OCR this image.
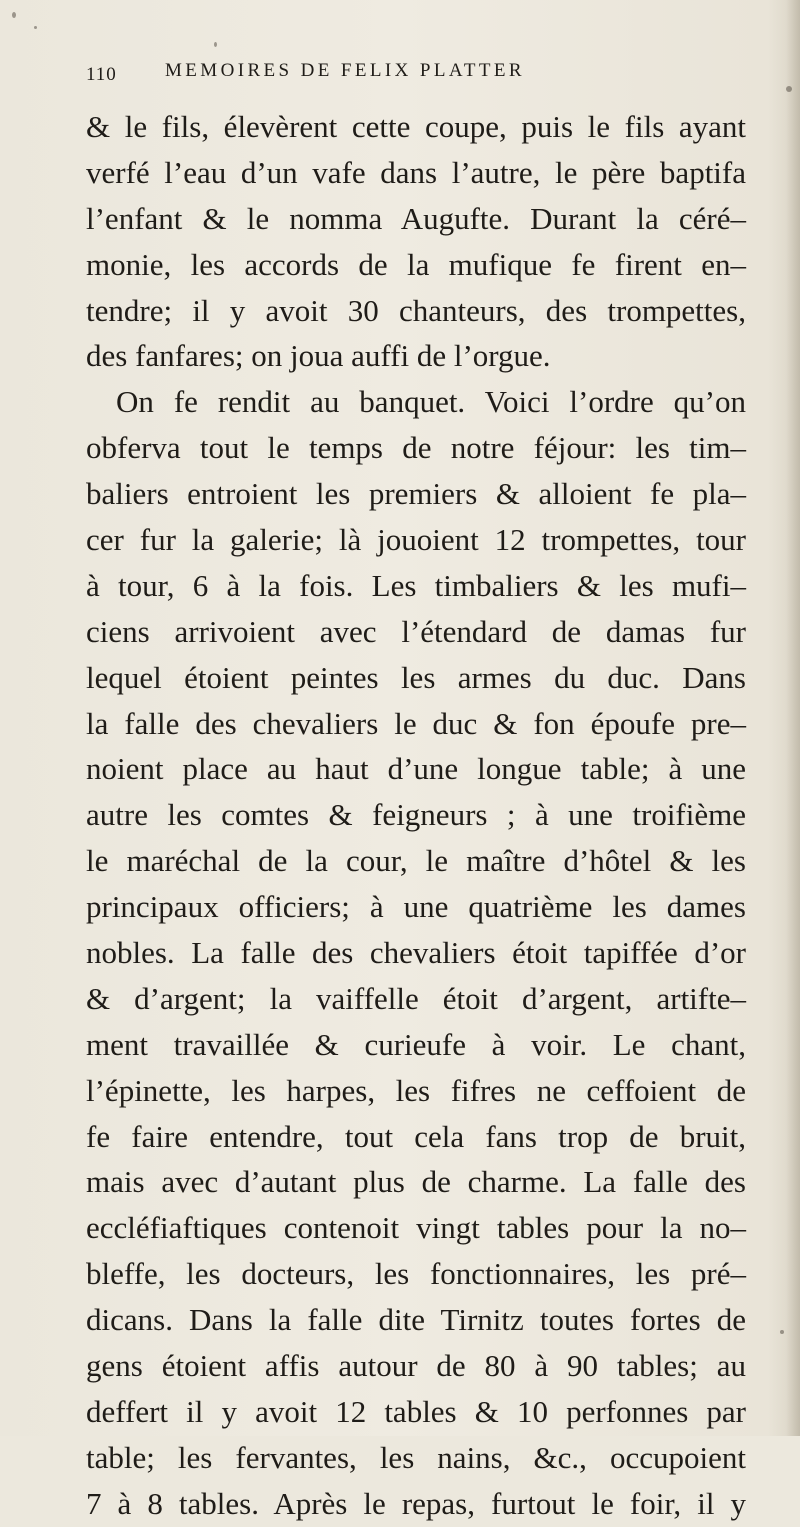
110	MEMOIRES DE FELIX PLATTER
& le fils, élevèrent cette coupe, puis le fils ayant
verfé l’eau d’un vafe dans l’autre, le père baptifa
l’enfant & le nomma Augufte. Durant la céré–
monie, les accords de la mufique fe firent en–
tendre; il y avoit 30 chanteurs, des trompettes,
des fanfares; on joua auffi de l’orgue.
On fe rendit au banquet. Voici l’ordre qu’on
obferva tout le temps de notre féjour: les tim–
baliers entroient les premiers & alloient fe pla–
cer fur la galerie; là jouoient 12 trompettes, tour
à tour, 6 à la fois. Les timbaliers & les mufi–
ciens arrivoient avec l’étendard de damas fur
lequel étoient peintes les armes du duc. Dans
la falle des chevaliers le duc & fon époufe pre–
noient place au haut d’une longue table; à une
autre les comtes & feigneurs ; à une troifième
le maréchal de la cour, le maître d’hôtel & les
principaux officiers; à une quatrième les dames
nobles. La falle des chevaliers étoit tapiffée d’or
& d’argent; la vaiffelle étoit d’argent, artifte–
ment travaillée & curieufe à voir. Le chant,
l’épinette, les harpes, les fifres ne ceffoient de
fe faire entendre, tout cela fans trop de bruit,
mais avec d’autant plus de charme. La falle des
eccléfiaftiques contenoit vingt tables pour la no–
bleffe, les docteurs, les fonctionnaires, les pré–
dicans. Dans la falle dite Tirnitz toutes fortes de
gens étoient affis autour de 80 à 90 tables; au
deffert il y avoit 12 tables & 10 perfonnes par
table; les fervantes, les nains, &c., occupoient
7 à 8 tables. Après le repas, furtout le foir, il y
